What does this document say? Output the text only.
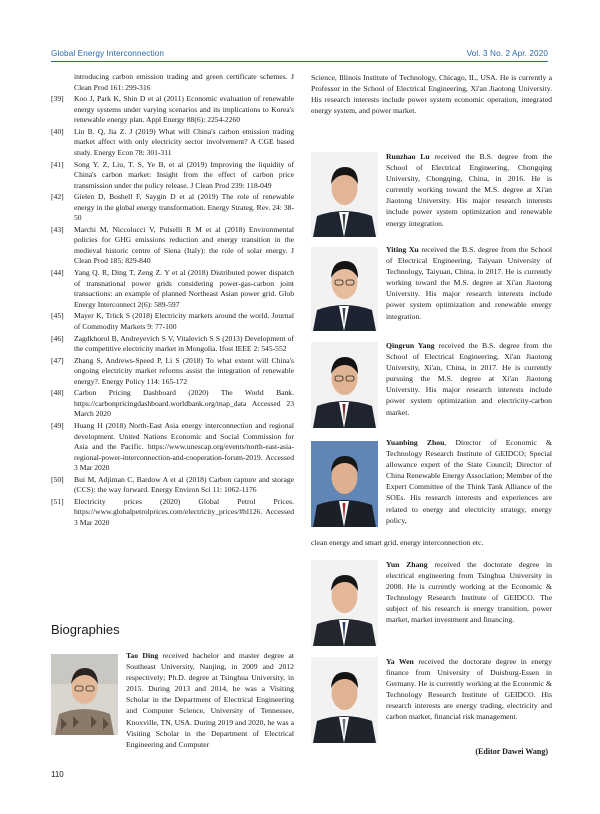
Global Energy Interconnection	Vol. 3 No. 2 Apr. 2020
introducing carbon emission trading and green certificate schemes. J Clean Prod 161: 299-316
[39] Koo J, Park K, Shin D et al (2011) Economic evaluation of renewable energy systems under varying scenarios and its implications to Korea's renewable energy plan. Appl Energy 88(6): 2254-2260
[40] Lin B. Q, Jia Z. J (2019) What will China's carbon emission trading market affect with only electricity sector involvement? A CGE based study. Energy Econ 78: 301-311
[41] Song Y. Z, Liu, T. S, Ye B, et al (2019) Improving the liquidity of China's carbon market: Insight from the effect of carbon price transmission under the policy release. J Clean Prod 239: 118-049
[42] Gielen D, Boshell F, Saygin D et al (2019) The role of renewable energy in the global energy transformation. Energy Strateg. Rev. 24: 38-50
[43] Marchi M, Niccolucci V, Pulselli R M et al (2018) Environmental policies for GHG emissions reduction and energy transition in the medieval historic centre of Siena (Italy): the role of solar energy. J Clean Prod 185: 829-840
[44] Yang Q. R, Ding T, Zeng Z. Y et al (2018) Distributed power dispatch of transnational power grids considering power-gas-carbon joint transactions: an example of planned Northeast Asian power grid. Glob Energy Interconnect 2(6): 589-597
[45] Mayer K, Trück S (2018) Electricity markets around the world. Journal of Commodity Markets 9: 77-100
[46] Zagdkhorol B, Andreyevich S V, Vitalevich S S (2013) Development of the competitive electricity market in Mongolia. Ifost IEEE 2: 545-552
[47] Zhang S, Andrews-Speed P, Li S (2018) To what extent will China's ongoing electricity market reforms assist the integration of renewable energy?. Energy Policy 114: 165-172
[48] Carbon Pricing Dashboard (2020) The World Bank. https://carbonpricingdashboard.worldbank.org/map_data Accessed 23 March 2020
[49] Huang H (2018) North-East Asia energy interconnection and regional development. United Nations Economic and Social Commission for Asia and the Pacific. https://www.unescap.org/events/north-east-asia-regional-power-interconnection-and-cooperation-forum-2019. Accessed 3 Mar 2020
[50] Bui M, Adjiman C, Bardow A et al (2018) Carbon capture and storage (CCS): the way forward. Energy Environ Sci 11: 1062-1176
[51] Electricity prices (2020) Global Petrol Prices. https://www.globalpetrolprices.com/electricity_prices/#hl126. Accessed 3 Mar 2020
Science, Illinois Institute of Technology, Chicago, IL, USA. He is currently a Professor in the School of Electrical Engineering, Xi'an Jiaotong University. His research interests include power system economic operation, integrated energy system, and power market.
Biographies
Tao Ding received bachelor and master degree at Southeast University, Nanjing, in 2009 and 2012 respectively; Ph.D. degree at Tsinghua University, in 2015. During 2013 and 2014, he was a Visiting Scholar in the Department of Electrical Engineering and Computer Science, University of Tennessee, Knoxville, TN, USA. During 2019 and 2020, he was a Visiting Scholar in the Department of Electrical Engineering and Computer
Runzhao Lu received the B.S. degree from the School of Electrical Engineering, Chongqing University, Chongqing, China, in 2016. He is currently working toward the M.S. degree at Xi'an Jiaotong University. His major research interests include power system optimization and renewable energy integration.
Yiting Xu received the B.S. degree from the School of Electrical Engineering, Taiyuan University of Technology, Taiyuan, China, in 2017. He is currently working toward the M.S. degree at Xi'an Jiaotong University. His major research interests include power system optimization and renewable energy integration.
Qingrun Yang received the B.S. degree from the School of Electrical Engineering, Xi'an Jiaotong University, Xi'an, China, in 2017. He is currently pursuing the M.S. degree at Xi'an Jiaotong University. His major research interests include power system optimization and electricity-carbon market.
Yuanbing Zhou, Director of Economic & Technology Research Institute of GEIDCO; Special allowance expert of the State Council; Director of China Renewable Energy Association; Member of the Expert Committee of the Think Tank Alliance of the SOEs. His research interests and experiences are related to energy and electricity strategy, energy policy,
clean energy and smart grid, energy interconnection etc.
Yun Zhang received the doctorate degree in electrical engineering from Tsinghua University in 2008. He is currently working at the Economic & Technology Research Institute of GEIDCO. The subject of his research is energy transition, power market, market investment and financing.
Ya Wen received the doctorate degree in energy finance from University of Duisburg-Essen in Germany. He is currently working at the Economic & Technology Research Institute of GEIDCO. His research interests are energy trading, electricity and carbon market, financial risk management.
(Editor Dawei Wang)
110
